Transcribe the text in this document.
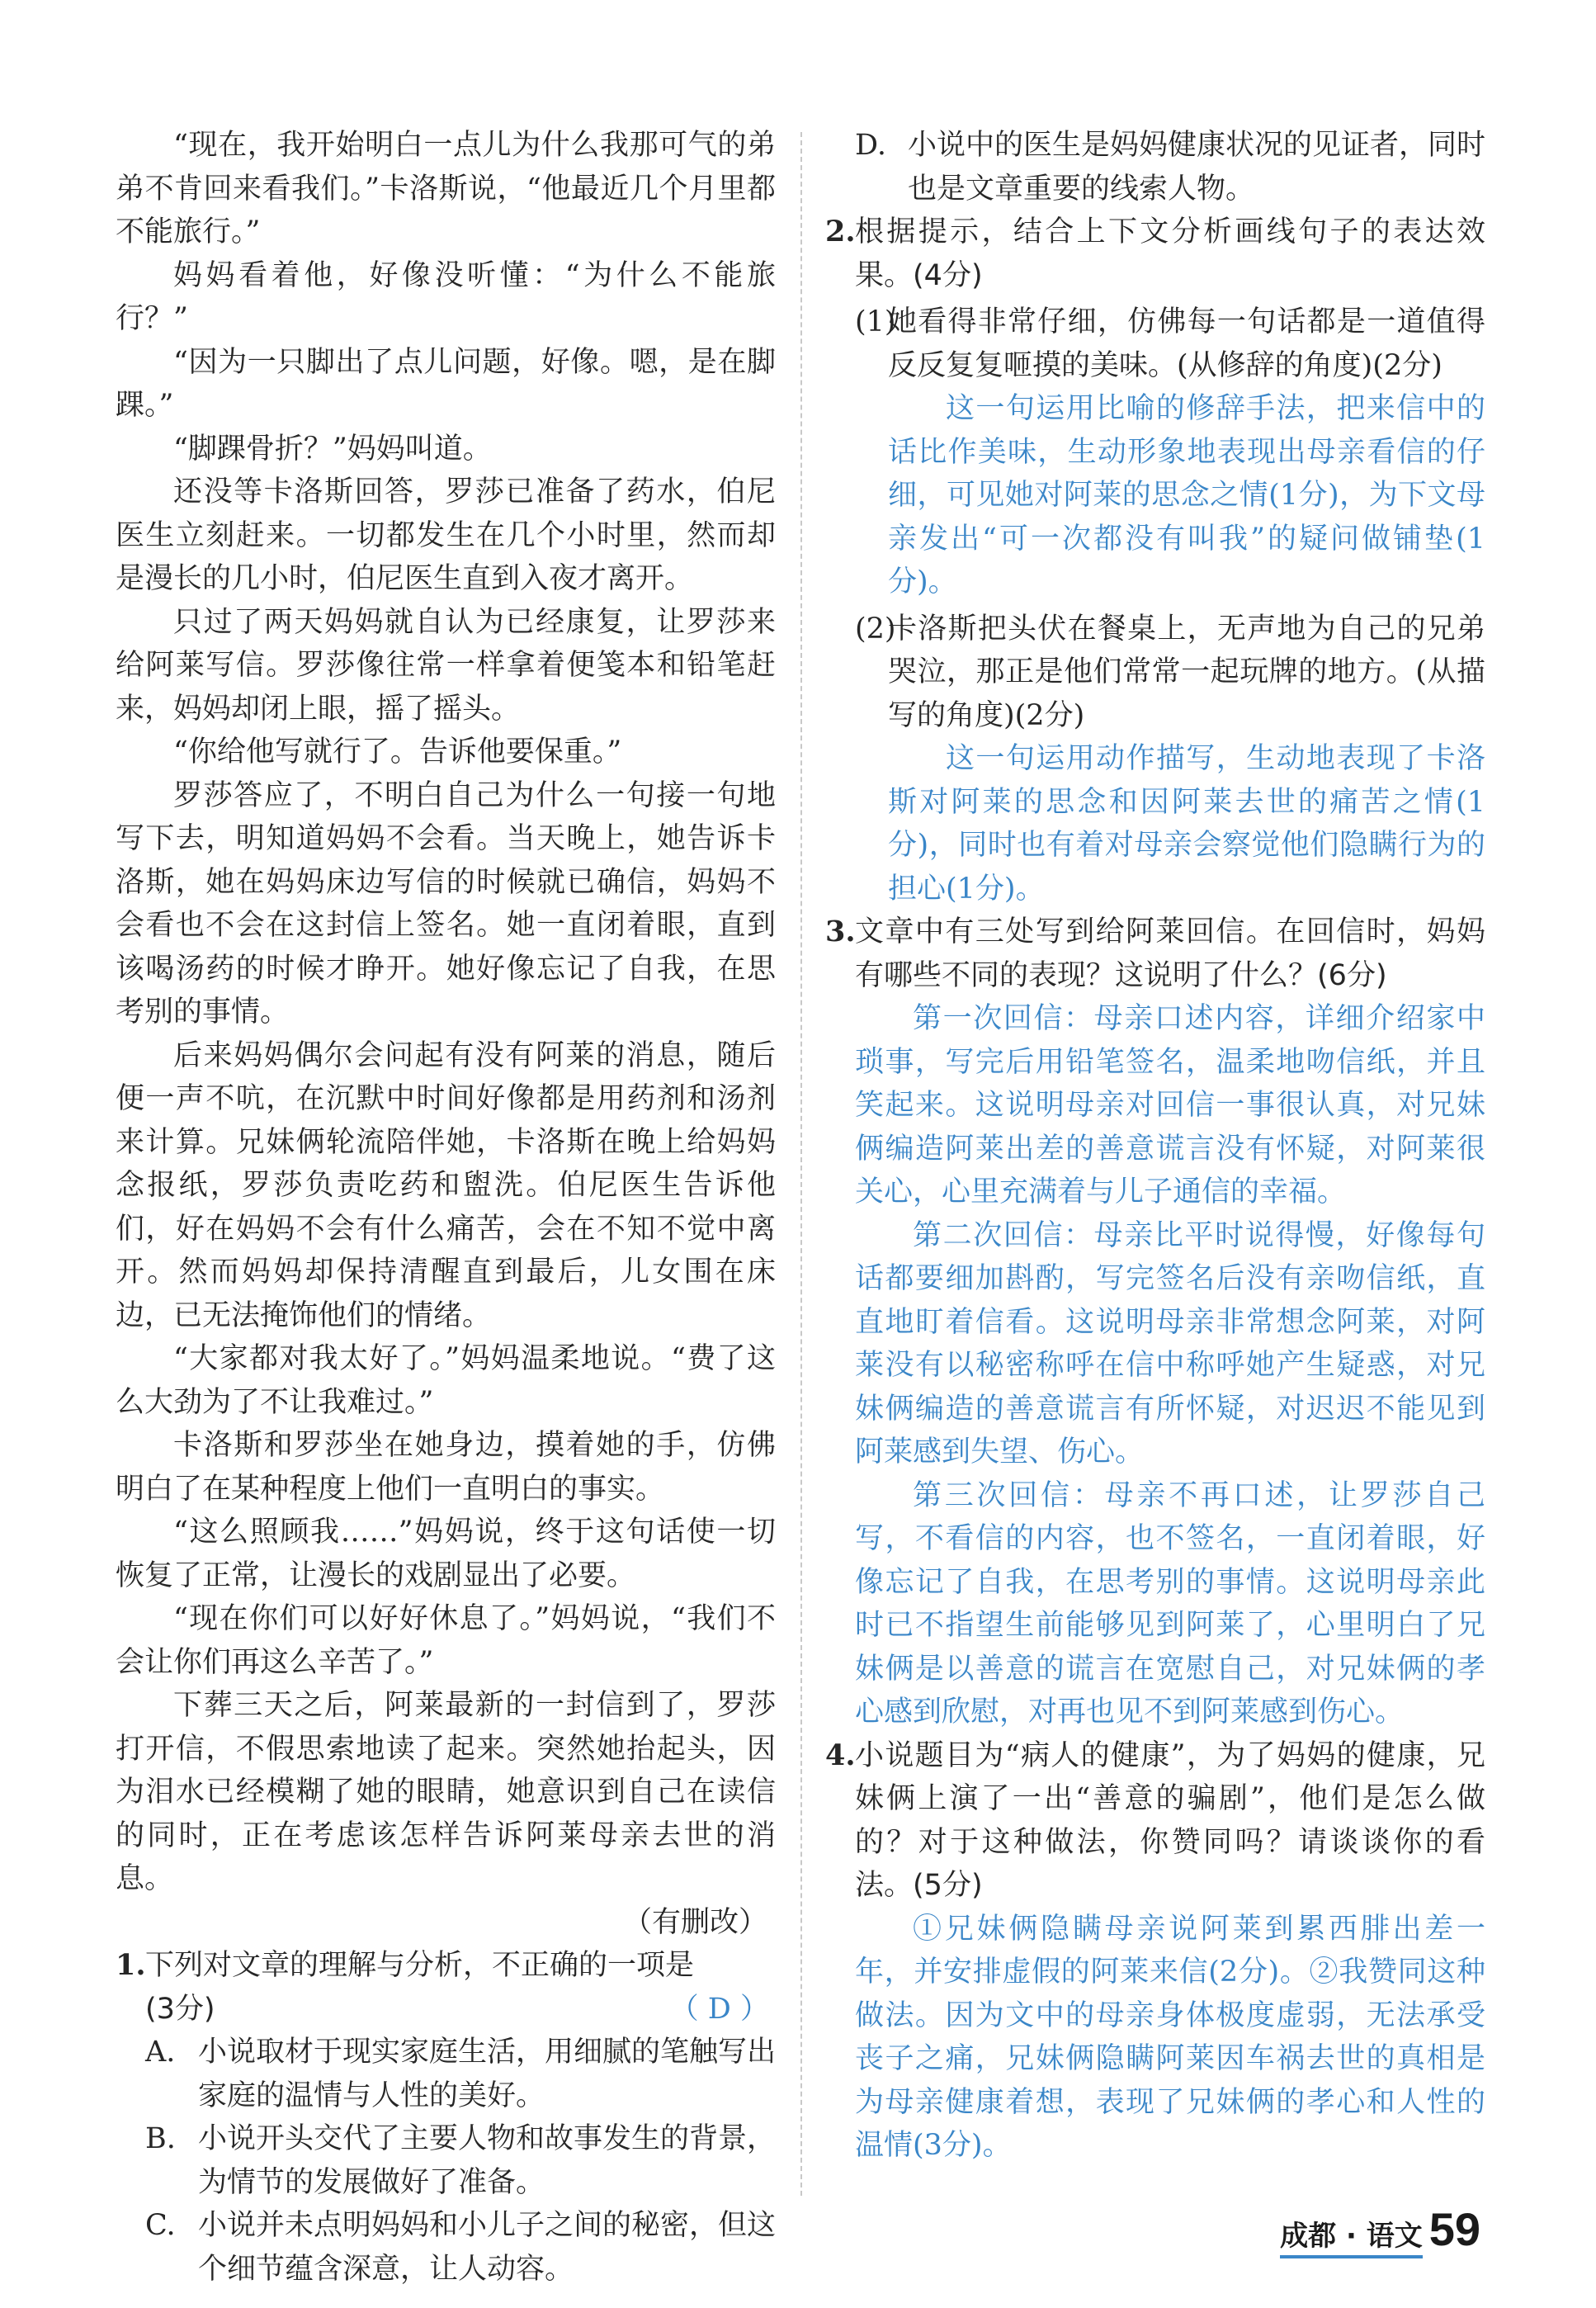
“现在，我开始明白一点儿为什么我那可气的弟弟不肯回来看我们。”卡洛斯说，“他最近几个月里都不能旅行。”

妈妈看着他，好像没听懂：“为什么不能旅行？”

“因为一只脚出了点儿问题，好像。嗯，是在脚踝。”

“脚踝骨折？”妈妈叫道。

还没等卡洛斯回答，罗莎已准备了药水，伯尼医生立刻赶来。一切都发生在几个小时里，然而却是漫长的几小时，伯尼医生直到入夜才离开。

只过了两天妈妈就自认为已经康复，让罗莎来给阿莱写信。罗莎像往常一样拿着便笺本和铅笔赶来，妈妈却闭上眼，摇了摇头。

“你给他写就行了。告诉他要保重。”

罗莎答应了，不明白自己为什么一句接一句地写下去，明知道妈妈不会看。当天晚上，她告诉卡洛斯，她在妈妈床边写信的时候就已确信，妈妈不会看也不会在这封信上签名。她一直闭着眼，直到该喝汤药的时候才睁开。她好像忘记了自我，在思考别的事情。

后来妈妈偶尔会问起有没有阿莱的消息，随后便一声不吭，在沉默中时间好像都是用药剂和汤剂来计算。兄妹俩轮流陪伴她，卡洛斯在晚上给妈妈念报纸，罗莎负责吃药和盥洗。伯尼医生告诉他们，好在妈妈不会有什么痛苦，会在不知不觉中离开。然而妈妈却保持清醒直到最后，儿女围在床边，已无法掩饰他们的情绪。

“大家都对我太好了。”妈妈温柔地说。“费了这么大劲为了不让我难过。”

卡洛斯和罗莎坐在她身边，摸着她的手，仿佛明白了在某种程度上他们一直明白的事实。

“这么照顾我……”妈妈说，终于这句话使一切恢复了正常，让漫长的戏剧显出了必要。

“现在你们可以好好休息了。”妈妈说，“我们不会让你们再这么辛苦了。”

下葬三天之后，阿莱最新的一封信到了，罗莎打开信，不假思索地读了起来。突然她抬起头，因为泪水已经模糊了她的眼睛，她意识到自己在读信的同时，正在考虑该怎样告诉阿莱母亲去世的消息。

（有删改）

1. 下列对文章的理解与分析，不正确的一项是
(3分)	（ D ）
A. 小说取材于现实家庭生活，用细腻的笔触写出家庭的温情与人性的美好。
B. 小说开头交代了主要人物和故事发生的背景，为情节的发展做好了准备。
C. 小说并未点明妈妈和小儿子之间的秘密，但这个细节蕴含深意，让人动容。
D. 小说中的医生是妈妈健康状况的见证者，同时也是文章重要的线索人物。
2. 根据提示，结合上下文分析画线句子的表达效果。(4分)
(1)
她看得非常仔细，仿佛每一句话都是一道值得反反复复咂摸的美味。(从修辞的角度)(2分)

这一句运用比喻的修辞手法，把来信中的话比作美味，生动形象地表现出母亲看信的仔细，可见她对阿莱的思念之情(1分)，为下文母亲发出“可一次都没有叫我”的疑问做铺垫(1分)。

(2)
卡洛斯把头伏在餐桌上，无声地为自己的兄弟哭泣，那正是他们常常一起玩牌的地方。(从描写的角度)(2分)

这一句运用动作描写，生动地表现了卡洛斯对阿莱的思念和因阿莱去世的痛苦之情(1分)，同时也有着对母亲会察觉他们隐瞒行为的担心(1分)。

3. 文章中有三处写到给阿莱回信。在回信时，妈妈有哪些不同的表现？这说明了什么？(6分)

第一次回信：母亲口述内容，详细介绍家中琐事，写完后用铅笔签名，温柔地吻信纸，并且笑起来。这说明母亲对回信一事很认真，对兄妹俩编造阿莱出差的善意谎言没有怀疑，对阿莱很关心，心里充满着与儿子通信的幸福。

第二次回信：母亲比平时说得慢，好像每句话都要细加斟酌，写完签名后没有亲吻信纸，直直地盯着信看。这说明母亲非常想念阿莱，对阿莱没有以秘密称呼在信中称呼她产生疑惑，对兄妹俩编造的善意谎言有所怀疑，对迟迟不能见到阿莱感到失望、伤心。

第三次回信：母亲不再口述，让罗莎自己写，不看信的内容，也不签名，一直闭着眼，好像忘记了自我，在思考别的事情。这说明母亲此时已不指望生前能够见到阿莱了，心里明白了兄妹俩是以善意的谎言在宽慰自己，对兄妹俩的孝心感到欣慰，对再也见不到阿莱感到伤心。

4. 小说题目为“病人的健康”，为了妈妈的健康，兄妹俩上演了一出“善意的骗剧”，他们是怎么做的？对于这种做法，你赞同吗？请谈谈你的看法。(5分)

①兄妹俩隐瞒母亲说阿莱到累西腓出差一年，并安排虚假的阿莱来信(2分)。②我赞同这种做法。因为文中的母亲身体极度虚弱，无法承受丧子之痛，兄妹俩隐瞒阿莱因车祸去世的真相是为母亲健康着想，表现了兄妹俩的孝心和人性的温情(3分)。

成都 · 语文 59
